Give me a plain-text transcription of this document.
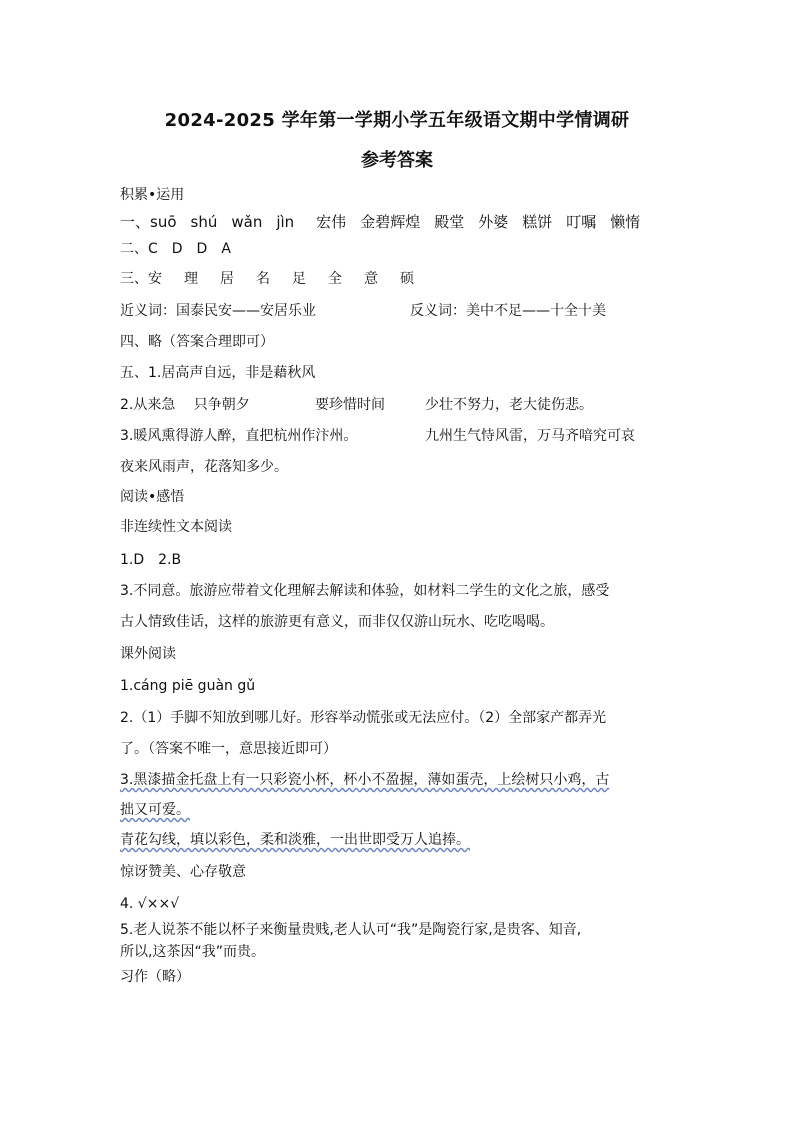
2024-2025 学年第一学期小学五年级语文期中学情调研
参考答案
积累•运用
一、suō shú wǎn jìn 宏伟 金碧辉煌 殿堂 外婆 糕饼 叮嘱 懒惰
二、C　D　D　A
三、安 理 居 名 足 全 意 硕
近义词：国泰民安——安居乐业	反义词：美中不足——十全十美
四、略（答案合理即可）
五、1.居高声自远，非是藉秋风
2.从来急　 只争朝夕	要珍惜时间	少壮不努力，老大徒伤悲。
3.暖风熏得游人醉，直把杭州作汴州。	九州生气恃风雷，万马齐喑究可哀
夜来风雨声，花落知多少。
阅读•感悟
非连续性文本阅读
1.D　2.B
3.不同意。旅游应带着文化理解去解读和体验，如材料二学生的文化之旅，感受
古人情致佳话，这样的旅游更有意义，而非仅仅游山玩水、吃吃喝喝。
课外阅读
1.cáng piē guàn gǔ
2.（1）手脚不知放到哪儿好。形容举动慌张或无法应付。（2）全部家产都弄光
了。（答案不唯一，意思接近即可）
3.黑漆描金托盘上有一只彩瓷小杯，杯小不盈握，薄如蛋壳，上绘树只小鸡，古
拙又可爱。
青花勾线，填以彩色，柔和淡雅，一出世即受万人追捧。
惊讶赞美、心存敬意
4. √××√
5.老人说茶不能以杯子来衡量贵贱,老人认可“我”是陶瓷行家,是贵客、知音,
所以,这茶因“我”而贵。
习作（略）
